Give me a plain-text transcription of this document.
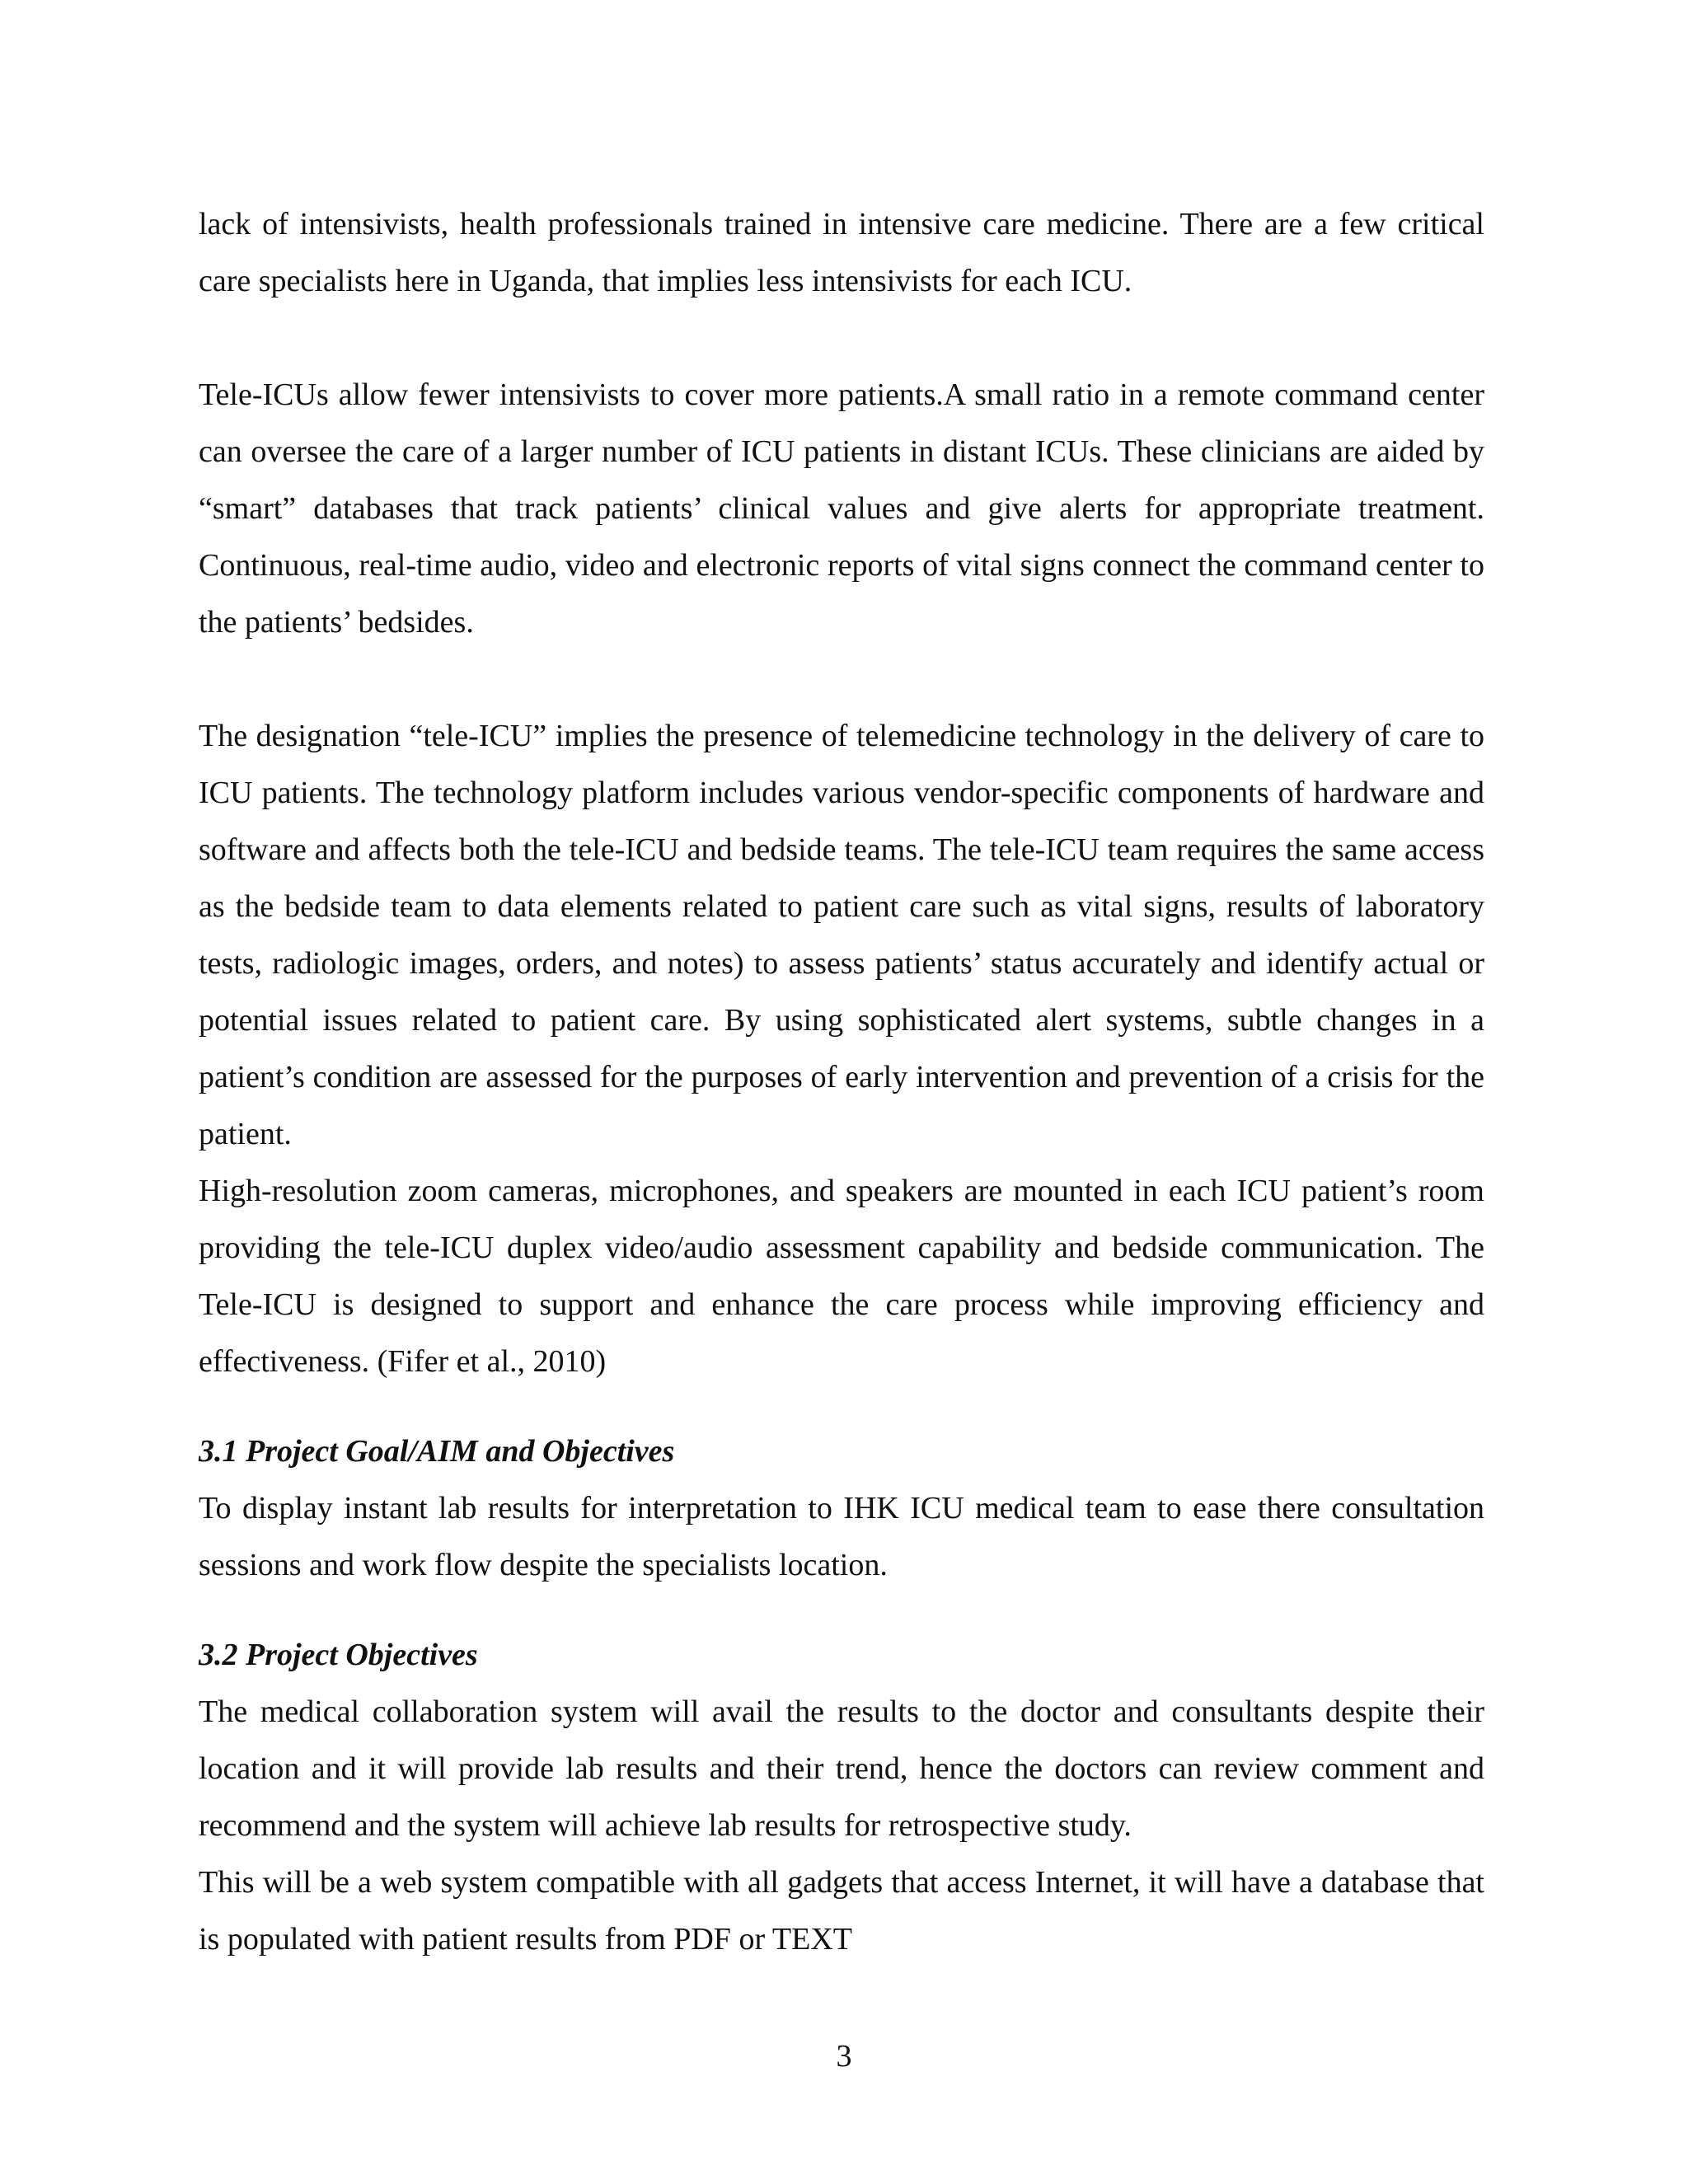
lack of intensivists, health professionals trained in intensive care medicine. There are a few critical care specialists here in Uganda, that implies less intensivists for each ICU.

Tele-ICUs allow fewer intensivists to cover more patients.A small ratio in a remote command center can oversee the care of a larger number of ICU patients in distant ICUs. These clinicians are aided by “smart” databases that track patients’ clinical values and give alerts for appropriate treatment. Continuous, real-time audio, video and electronic reports of vital signs connect the command center to the patients’ bedsides.

The designation “tele-ICU” implies the presence of telemedicine technology in the delivery of care to ICU patients. The technology platform includes various vendor-specific components of hardware and software and affects both the tele-ICU and bedside teams. The tele-ICU team requires the same access as the bedside team to data elements related to patient care such as vital signs, results of laboratory tests, radiologic images, orders, and notes) to assess patients’ status accurately and identify actual or potential issues related to patient care. By using sophisticated alert systems, subtle changes in a patient’s condition are assessed for the purposes of early intervention and prevention of a crisis for the patient.

High-resolution zoom cameras, microphones, and speakers are mounted in each ICU patient’s room providing the tele-ICU duplex video/audio assessment capability and bedside communication. The Tele-ICU is designed to support and enhance the care process while improving efficiency and effectiveness. (Fifer et al., 2010)

3.1 Project Goal/AIM and Objectives

To display instant lab results for interpretation to IHK ICU medical team to ease there consultation sessions and work flow despite the specialists location.

3.2 Project Objectives

The medical collaboration system will avail the results to the doctor and consultants despite their location and it will provide lab results and their trend, hence the doctors can review comment and recommend and the system will achieve lab results for retrospective study.

This will be a web system compatible with all gadgets that access Internet, it will have a database that is populated with patient results from PDF or TEXT

3
